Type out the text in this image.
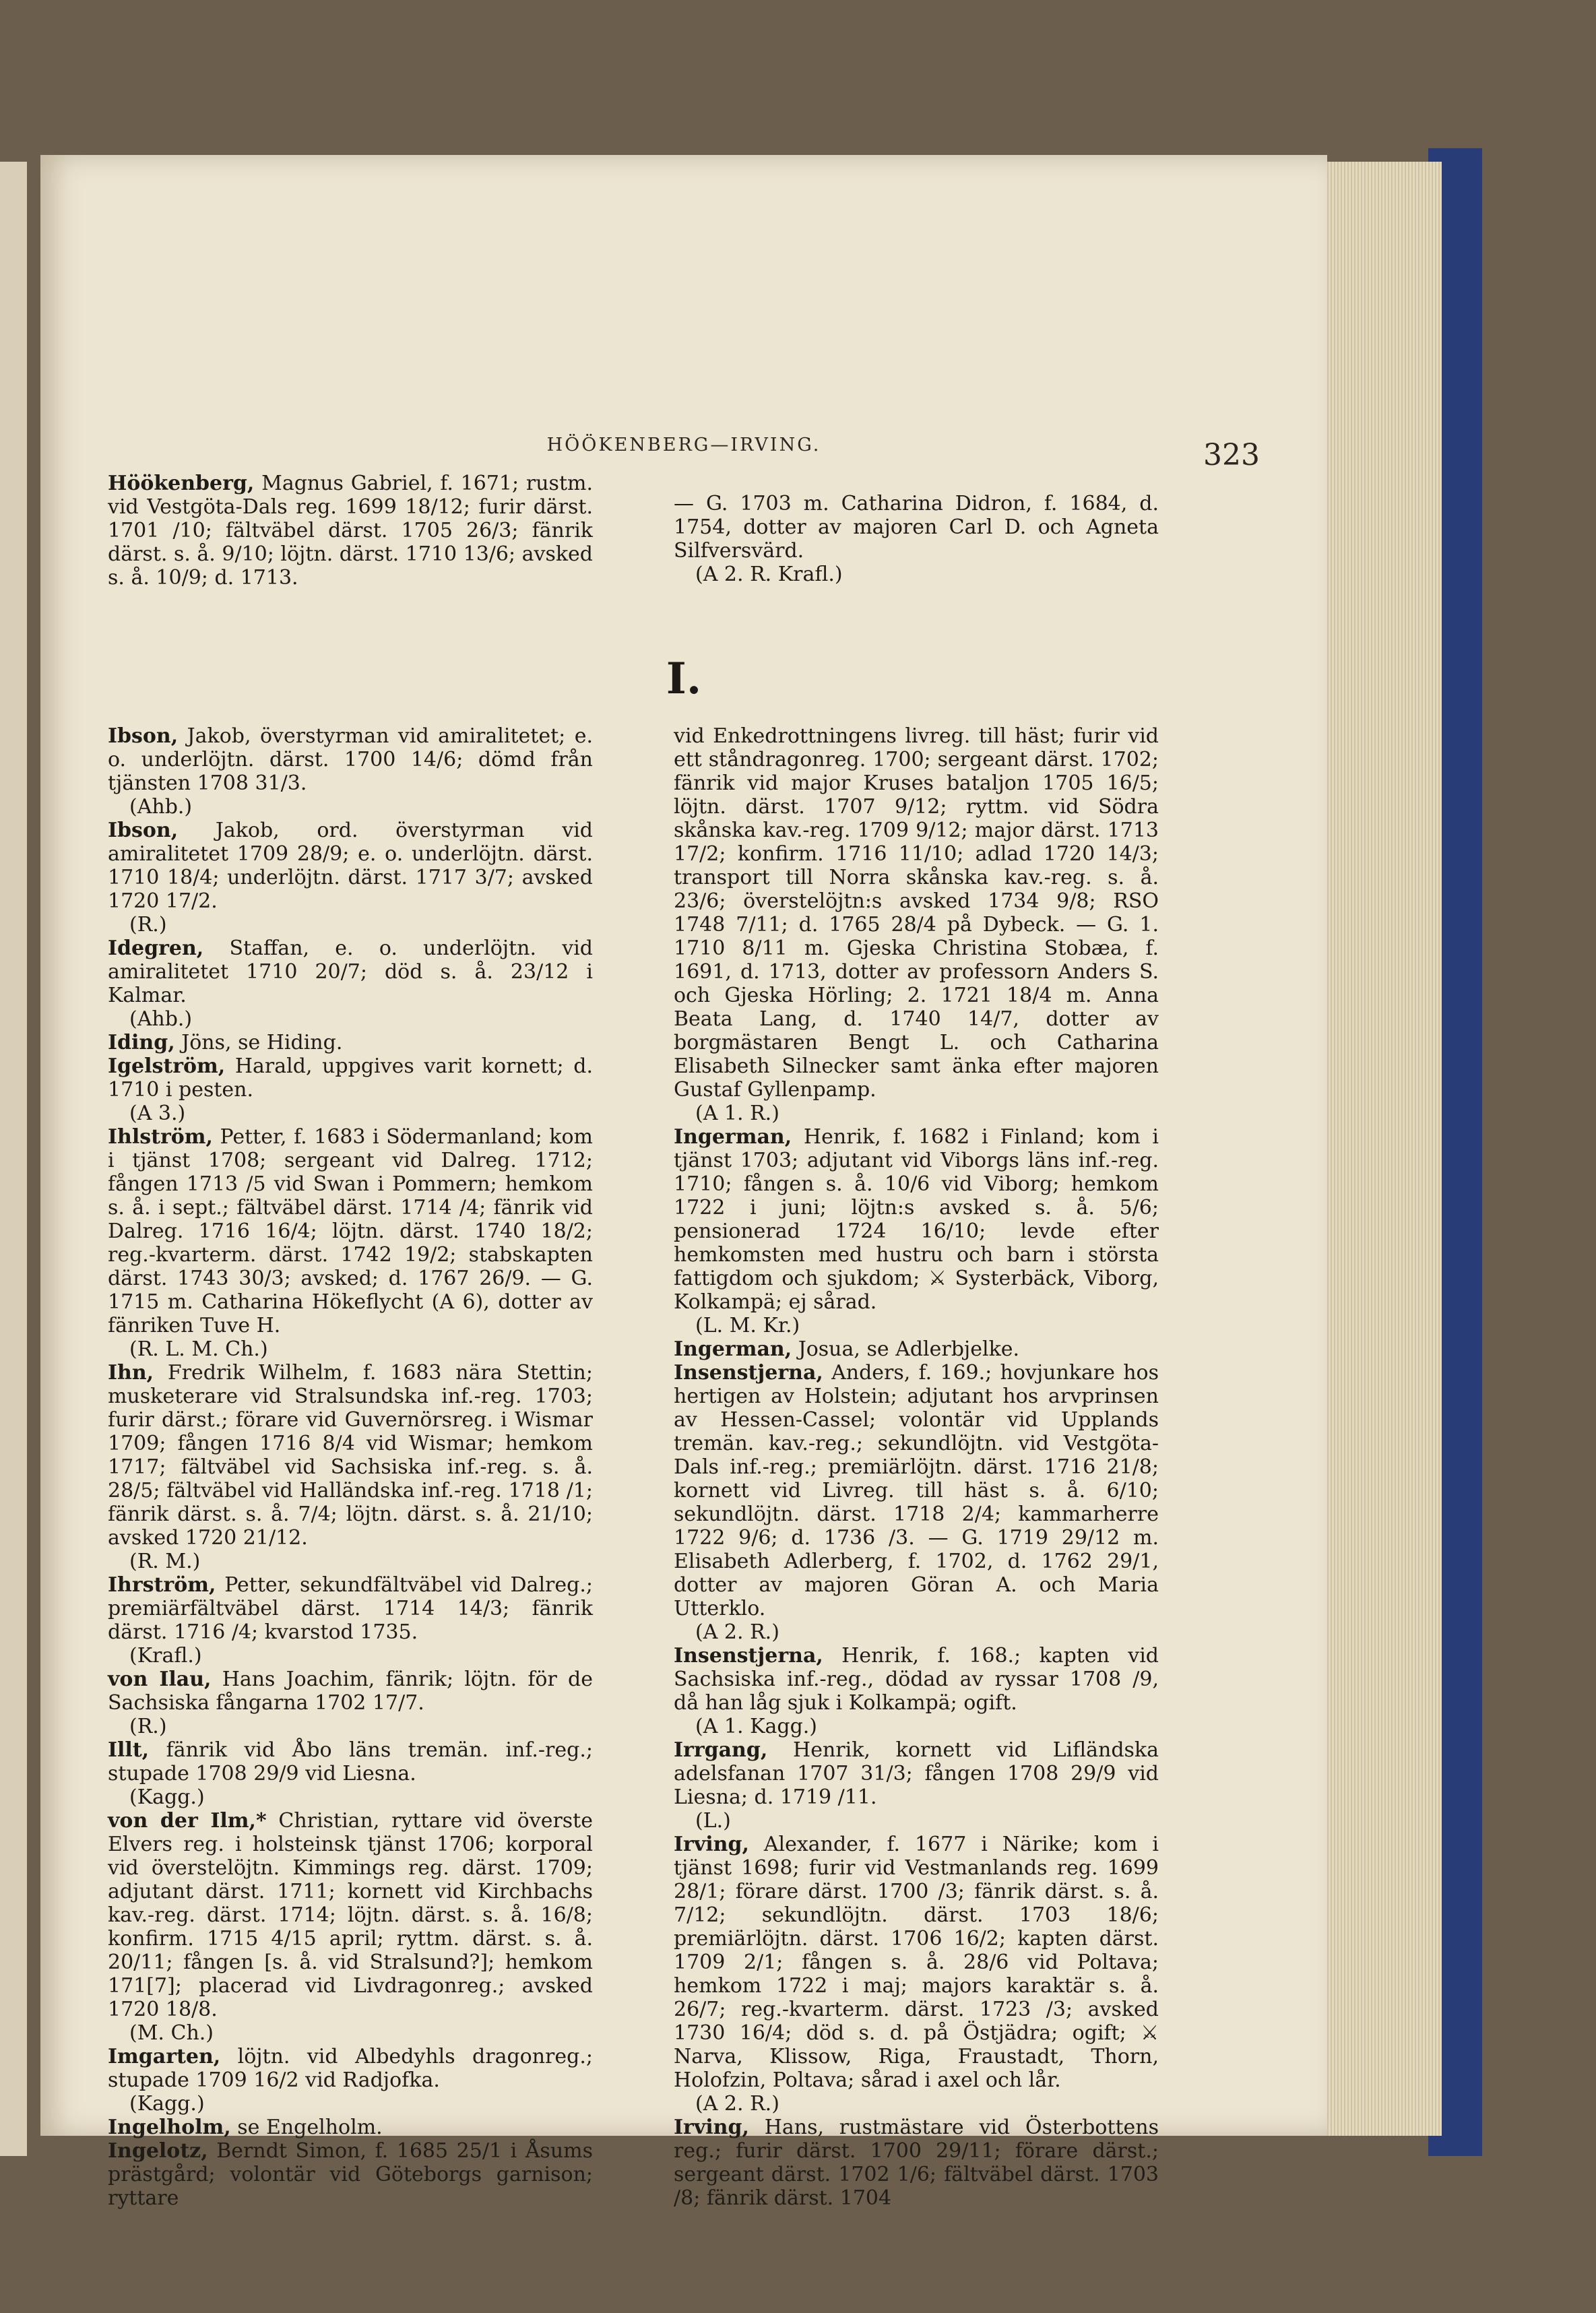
HÖÖKENBERG—IRVING.	323
Höökenberg, Magnus Gabriel, f. 1671; rustm. vid Vestgöta-Dals reg. 1699 18/12; furir därst. 1701 /10; fältväbel därst. 1705 26/3; fänrik därst. s. å. 9/10; löjtn. därst. 1710 13/6; avsked s. å. 10/9; d. 1713.
— G. 1703 m. Catharina Didron, f. 1684, d. 1754, dotter av majoren Carl D. och Agneta Silfversvärd.
(A 2. R. Krafl.)
I.
Ibson, Jakob, överstyrman vid amiralitetet; e. o. underlöjtn. därst. 1700 14/6; dömd från tjänsten 1708 31/3.
(Ahb.)
Ibson, Jakob, ord. överstyrman vid amiralitetet 1709 28/9; e. o. underlöjtn. därst. 1710 18/4; underlöjtn. därst. 1717 3/7; avsked 1720 17/2.
(R.)
Idegren, Staffan, e. o. underlöjtn. vid amiralitetet 1710 20/7; död s. å. 23/12 i Kalmar.
(Ahb.)
Iding, Jöns, se Hiding.
Igelström, Harald, uppgives varit kornett; d. 1710 i pesten.
(A 3.)
Ihlström, Petter, f. 1683 i Södermanland; kom i tjänst 1708; sergeant vid Dalreg. 1712; fången 1713 /5 vid Swan i Pommern; hemkom s. å. i sept.; fältväbel därst. 1714 /4; fänrik vid Dalreg. 1716 16/4; löjtn. därst. 1740 18/2; reg.-kvarterm. därst. 1742 19/2; stabskapten därst. 1743 30/3; avsked; d. 1767 26/9. — G. 1715 m. Catharina Hökeflycht (A 6), dotter av fänriken Tuve H.
(R. L. M. Ch.)
Ihn, Fredrik Wilhelm, f. 1683 nära Stettin; musketerare vid Stralsundska inf.-reg. 1703; furir därst.; förare vid Guvernörsreg. i Wismar 1709; fången 1716 8/4 vid Wismar; hemkom 1717; fältväbel vid Sachsiska inf.-reg. s. å. 28/5; fältväbel vid Halländska inf.-reg. 1718 /1; fänrik därst. s. å. 7/4; löjtn. därst. s. å. 21/10; avsked 1720 21/12.
(R. M.)
Ihrström, Petter, sekundfältväbel vid Dalreg.; premiärfältväbel därst. 1714 14/3; fänrik därst. 1716 /4; kvarstod 1735.
(Krafl.)
von Ilau, Hans Joachim, fänrik; löjtn. för de Sachsiska fångarna 1702 17/7.
(R.)
Illt, fänrik vid Åbo läns tremän. inf.-reg.; stupade 1708 29/9 vid Liesna.
(Kagg.)
von der Ilm,* Christian, ryttare vid överste Elvers reg. i holsteinsk tjänst 1706; korporal vid överstelöjtn. Kimmings reg. därst. 1709; adjutant därst. 1711; kornett vid Kirchbachs kav.-reg. därst. 1714; löjtn. därst. s. å. 16/8; konfirm. 1715 4/15 april; ryttm. därst. s. å. 20/11; fången [s. å. vid Stralsund?]; hemkom 171[7]; placerad vid Livdragonreg.; avsked 1720 18/8.
(M. Ch.)
Imgarten, löjtn. vid Albedyhls dragonreg.; stupade 1709 16/2 vid Radjofka.
(Kagg.)
Ingelholm, se Engelholm.
Ingelotz, Berndt Simon, f. 1685 25/1 i Åsums prästgård; volontär vid Göteborgs garnison; ryttare
vid Enkedrottningens livreg. till häst; furir vid ett ståndragonreg. 1700; sergeant därst. 1702; fänrik vid major Kruses bataljon 1705 16/5; löjtn. därst. 1707 9/12; ryttm. vid Södra skånska kav.-reg. 1709 9/12; major därst. 1713 17/2; konfirm. 1716 11/10; adlad 1720 14/3; transport till Norra skånska kav.-reg. s. å. 23/6; överstelöjtn:s avsked 1734 9/8; RSO 1748 7/11; d. 1765 28/4 på Dybeck. — G. 1. 1710 8/11 m. Gjeska Christina Stobæa, f. 1691, d. 1713, dotter av professorn Anders S. och Gjeska Hörling; 2. 1721 18/4 m. Anna Beata Lang, d. 1740 14/7, dotter av borgmästaren Bengt L. och Catharina Elisabeth Silnecker samt änka efter majoren Gustaf Gyllenpamp.
(A 1. R.)
Ingerman, Henrik, f. 1682 i Finland; kom i tjänst 1703; adjutant vid Viborgs läns inf.-reg. 1710; fången s. å. 10/6 vid Viborg; hemkom 1722 i juni; löjtn:s avsked s. å. 5/6; pensionerad 1724 16/10; levde efter hemkomsten med hustru och barn i största fattigdom och sjukdom; ⚔ Systerbäck, Viborg, Kolkampä; ej sårad.
(L. M. Kr.)
Ingerman, Josua, se Adlerbjelke.
Insenstjerna, Anders, f. 169.; hovjunkare hos hertigen av Holstein; adjutant hos arvprinsen av Hessen-Cassel; volontär vid Upplands tremän. kav.-reg.; sekundlöjtn. vid Vestgöta-Dals inf.-reg.; premiärlöjtn. därst. 1716 21/8; kornett vid Livreg. till häst s. å. 6/10; sekundlöjtn. därst. 1718 2/4; kammarherre 1722 9/6; d. 1736 /3. — G. 1719 29/12 m. Elisabeth Adlerberg, f. 1702, d. 1762 29/1, dotter av majoren Göran A. och Maria Utterklo.
(A 2. R.)
Insenstjerna, Henrik, f. 168.; kapten vid Sachsiska inf.-reg., dödad av ryssar 1708 /9, då han låg sjuk i Kolkampä; ogift.
(A 1. Kagg.)
Irrgang, Henrik, kornett vid Lifländska adelsfanan 1707 31/3; fången 1708 29/9 vid Liesna; d. 1719 /11.
(L.)
Irving, Alexander, f. 1677 i Närike; kom i tjänst 1698; furir vid Vestmanlands reg. 1699 28/1; förare därst. 1700 /3; fänrik därst. s. å. 7/12; sekundlöjtn. därst. 1703 18/6; premiärlöjtn. därst. 1706 16/2; kapten därst. 1709 2/1; fången s. å. 28/6 vid Poltava; hemkom 1722 i maj; majors karaktär s. å. 26/7; reg.-kvarterm. därst. 1723 /3; avsked 1730 16/4; död s. d. på Östjädra; ogift; ⚔ Narva, Klissow, Riga, Fraustadt, Thorn, Holofzin, Poltava; sårad i axel och lår.
(A 2. R.)
Irving, Hans, rustmästare vid Österbottens reg.; furir därst. 1700 29/11; förare därst.; sergeant därst. 1702 1/6; fältväbel därst. 1703 /8; fänrik därst. 1704
